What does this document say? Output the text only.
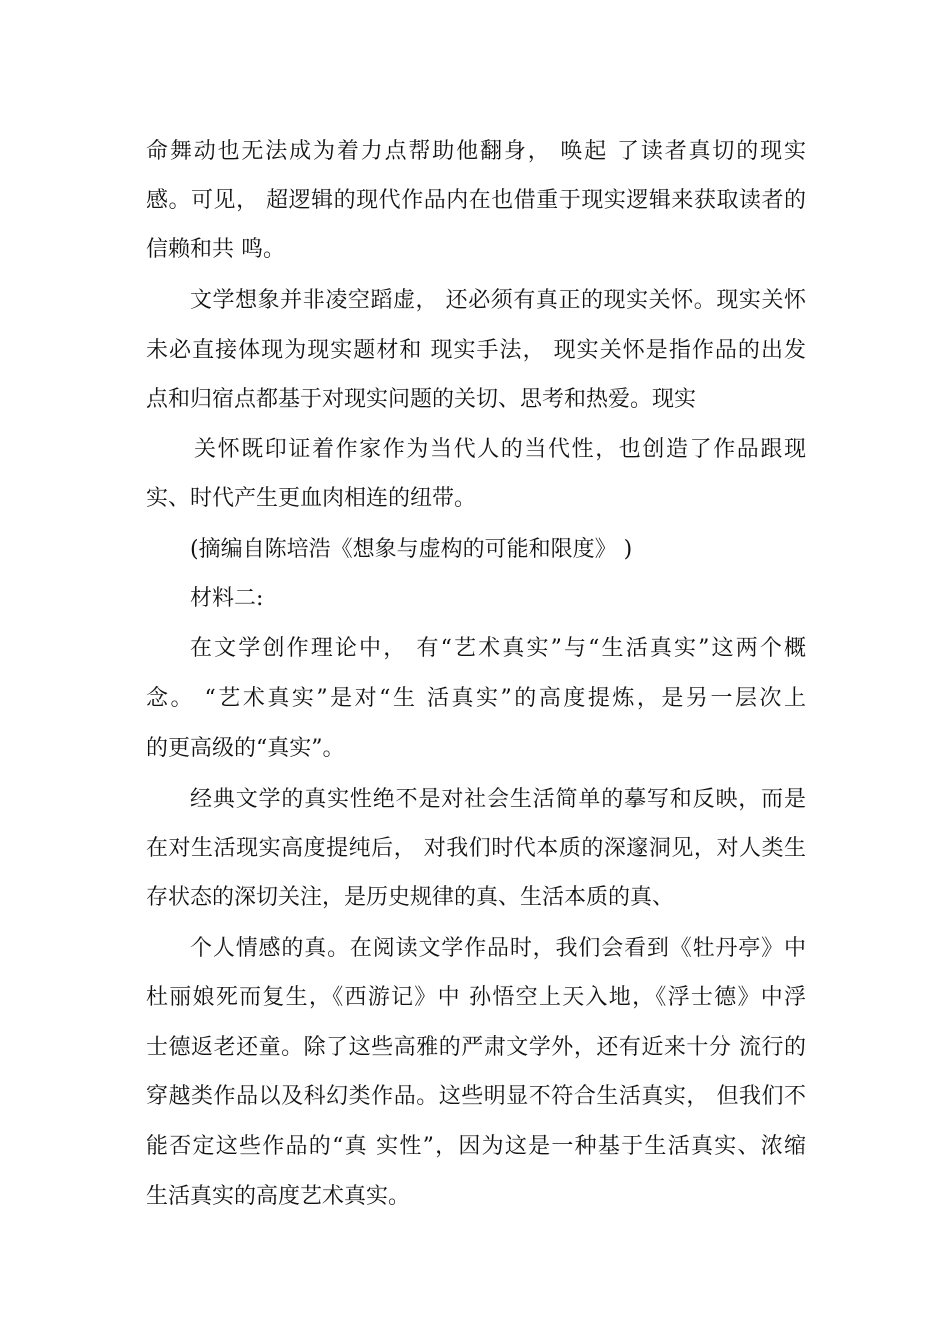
命舞动也无法成为着力点帮助他翻身， 唤起 了读者真切的现实
感。可见， 超逻辑的现代作品内在也借重于现实逻辑来获取读者的
信赖和共 鸣。
文学想象并非凌空蹈虚， 还必须有真正的现实关怀。现实关怀
未必直接体现为现实题材和 现实手法， 现实关怀是指作品的出发
点和归宿点都基于对现实问题的关切、思考和热爱。现实
关怀既印证着作家作为当代人的当代性，也创造了作品跟现
实、时代产生更血肉相连的纽带。
(摘编自陈培浩《想象与虚构的可能和限度》 )
材料二:
在文学创作理论中， 有“艺术真实”与“生活真实”这两个概
念。 “艺术真实”是对“生 活真实”的高度提炼，是另一层次上
的更高级的“真实”。
经典文学的真实性绝不是对社会生活简单的摹写和反映，而是
在对生活现实高度提纯后， 对我们时代本质的深邃洞见，对人类生
存状态的深切关注，是历史规律的真、生活本质的真、
个人情感的真。在阅读文学作品时，我们会看到《牡丹亭》中
杜丽娘死而复生，《西游记》中 孙悟空上天入地，《浮士德》中浮
士德返老还童。除了这些高雅的严肃文学外，还有近来十分 流行的
穿越类作品以及科幻类作品。这些明显不符合生活真实， 但我们不
能否定这些作品的“真 实性”，因为这是一种基于生活真实、浓缩
生活真实的高度艺术真实。
